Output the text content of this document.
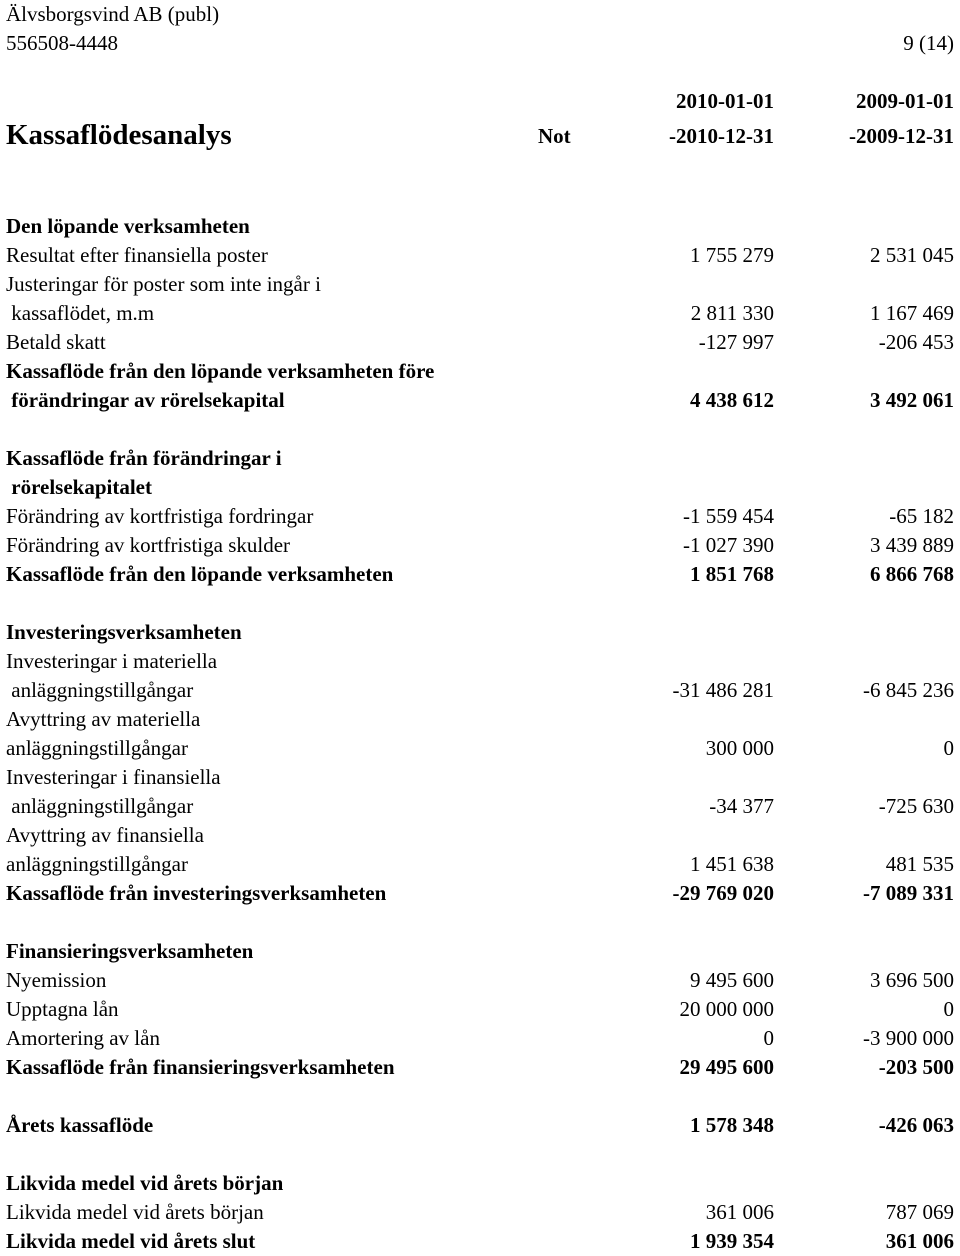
Älvsborgsvind AB (publ)
556508-4448	9 (14)
2010-01-01	2009-01-01
Kassaflödesanalys	Not	-2010-12-31	-2009-12-31
Den löpande verksamheten
Resultat efter finansiella poster	1 755 279	2 531 045
Justeringar för poster som inte ingår i
kassaflödet, m.m	2 811 330	1 167 469
Betald skatt	-127 997	-206 453
Kassaflöde från den löpande verksamheten före
förändringar av rörelsekapital	4 438 612	3 492 061
Kassaflöde från förändringar i
rörelsekapitalet
Förändring av kortfristiga fordringar	-1 559 454	-65 182
Förändring av kortfristiga skulder	-1 027 390	3 439 889
Kassaflöde från den löpande verksamheten	1 851 768	6 866 768
Investeringsverksamheten
Investeringar i materiella
anläggningstillgångar	-31 486 281	-6 845 236
Avyttring av materiella
anläggningstillgångar	300 000	0
Investeringar i finansiella
anläggningstillgångar	-34 377	-725 630
Avyttring av finansiella
anläggningstillgångar	1 451 638	481 535
Kassaflöde från investeringsverksamheten	-29 769 020	-7 089 331
Finansieringsverksamheten
Nyemission	9 495 600	3 696 500
Upptagna lån	20 000 000	0
Amortering av lån	0	-3 900 000
Kassaflöde från finansieringsverksamheten	29 495 600	-203 500
Årets kassaflöde	1 578 348	-426 063
Likvida medel vid årets början
Likvida medel vid årets början	361 006	787 069
Likvida medel vid årets slut	1 939 354	361 006
